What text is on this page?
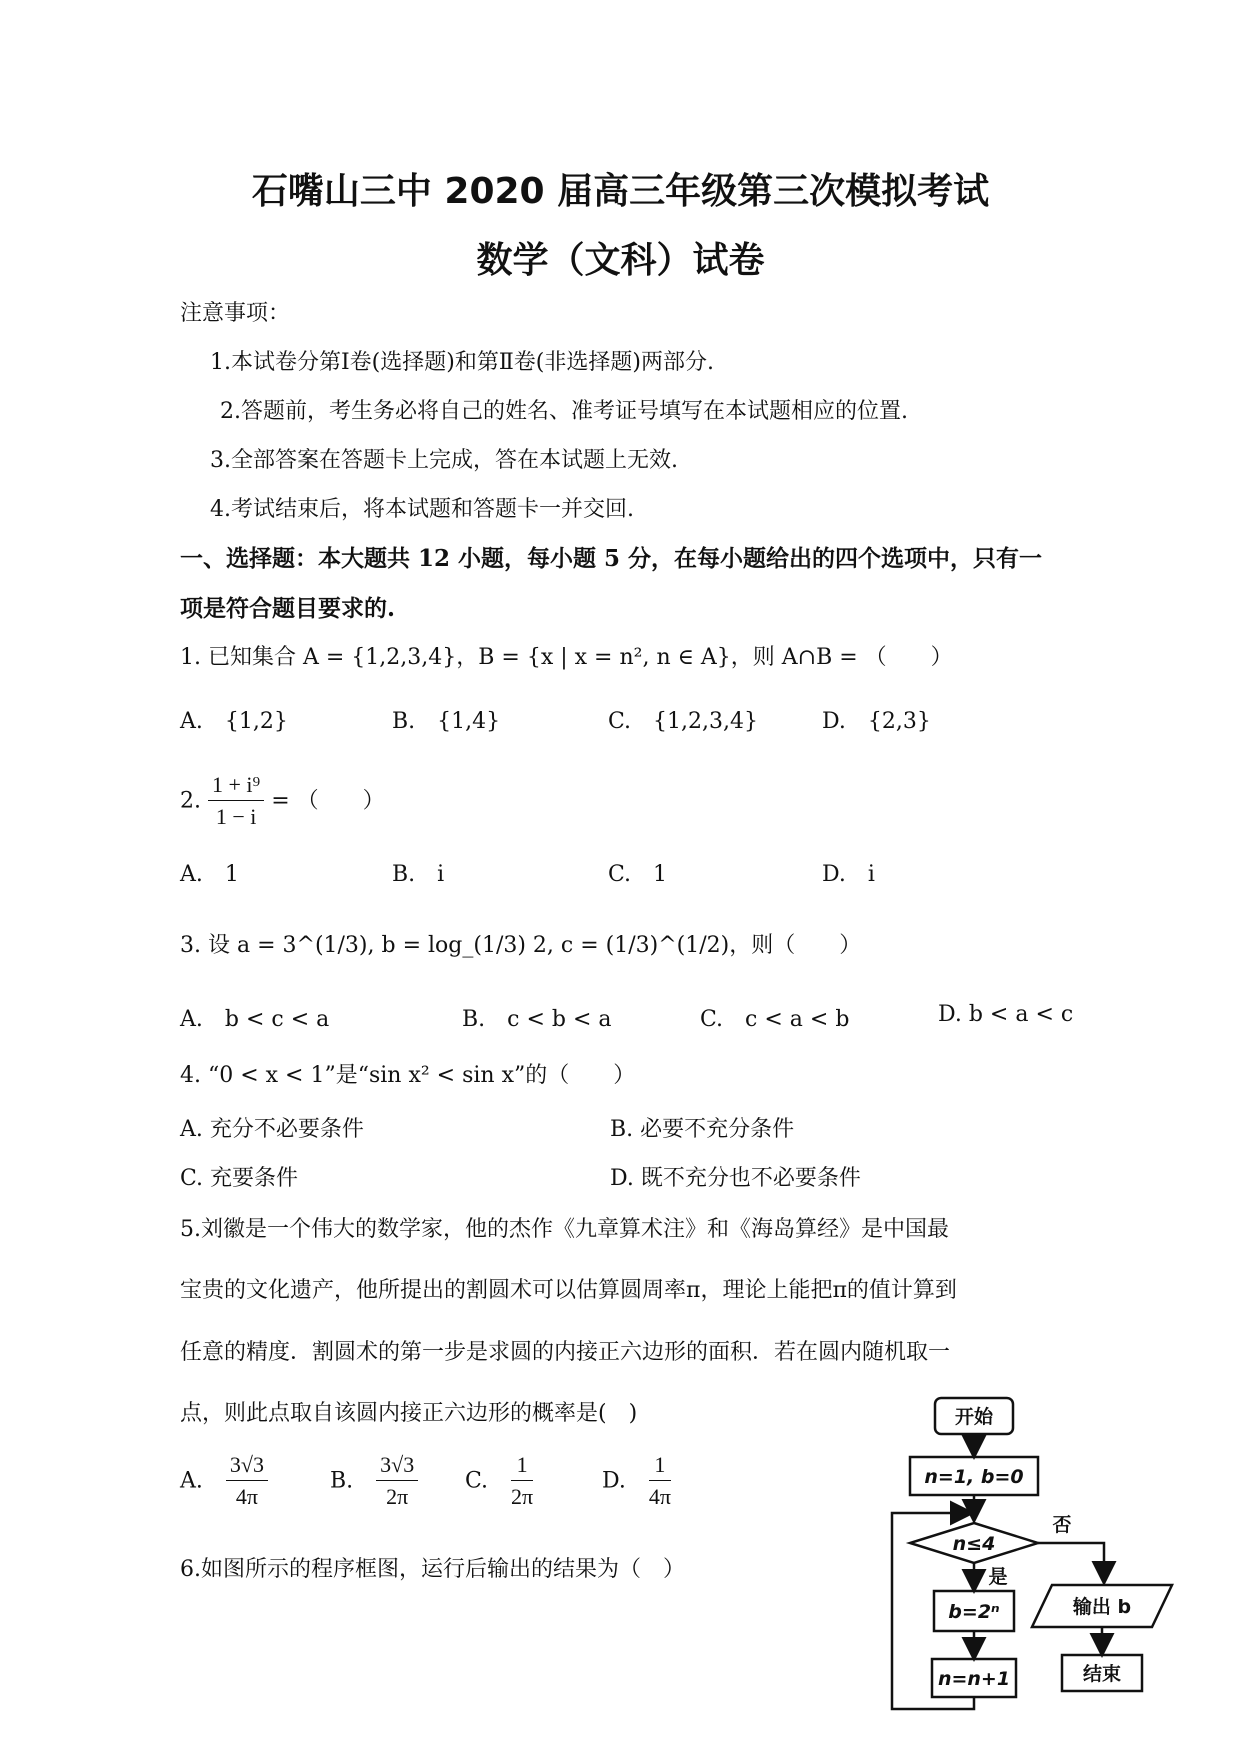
石嘴山三中 2020 届高三年级第三次模拟考试
数学（文科）试卷
注意事项：
1.本试卷分第Ⅰ卷(选择题)和第Ⅱ卷(非选择题)两部分.
2.答题前，考生务必将自己的姓名、准考证号填写在本试题相应的位置.
3.全部答案在答题卡上完成，答在本试题上无效.
4.考试结束后，将本试题和答题卡一并交回.
一、选择题：本大题共 12 小题，每小题 5 分，在每小题给出的四个选项中，只有一
项是符合题目要求的.
1. 已知集合 A = {1,2,3,4}，B = {x | x = n², n ∈ A}，则 A∩B = （　　）
A.　{1,2}	B.　{1,4}	C.　{1,2,3,4}	D.　{2,3}
2. $\frac{\text{1 + i⁹}}{1 - i}$ = （　　）
A.　1	B.　i	C.　1	D.　i
3. 设 a = 3^(1/3), b = log_(1/3) 2, c = (1/3)^(1/2)，则（　　）
A.　b < c < a	B.　c < b < a	C.　c < a < b	D. b < a < c
4. “0 < x < 1”是“sin x² < sin x”的（　　）
A. 充分不必要条件	B. 必要不充分条件
C. 充要条件	D. 既不充分也不必要条件
5.刘徽是一个伟大的数学家，他的杰作《九章算术注》和《海岛算经》是中国最
宝贵的文化遗产，他所提出的割圆术可以估算圆周率π，理论上能把π的值计算到
任意的精度．割圆术的第一步是求圆的内接正六边形的面积．若在圆内随机取一
点，则此点取自该圆内接正六边形的概率是(　)
A. $\frac{3√3}{4\pi}$	B. $\frac{3√3}{2\pi} C$. $\frac{1}{2\pi}$	D. $\frac{1}{4\pi}$
6.如图所示的程序框图，运行后输出的结果为（　）
开始
n=1, b=0
n≤4
否
是
b=2ⁿ
n=n+1
输出 b
结束
